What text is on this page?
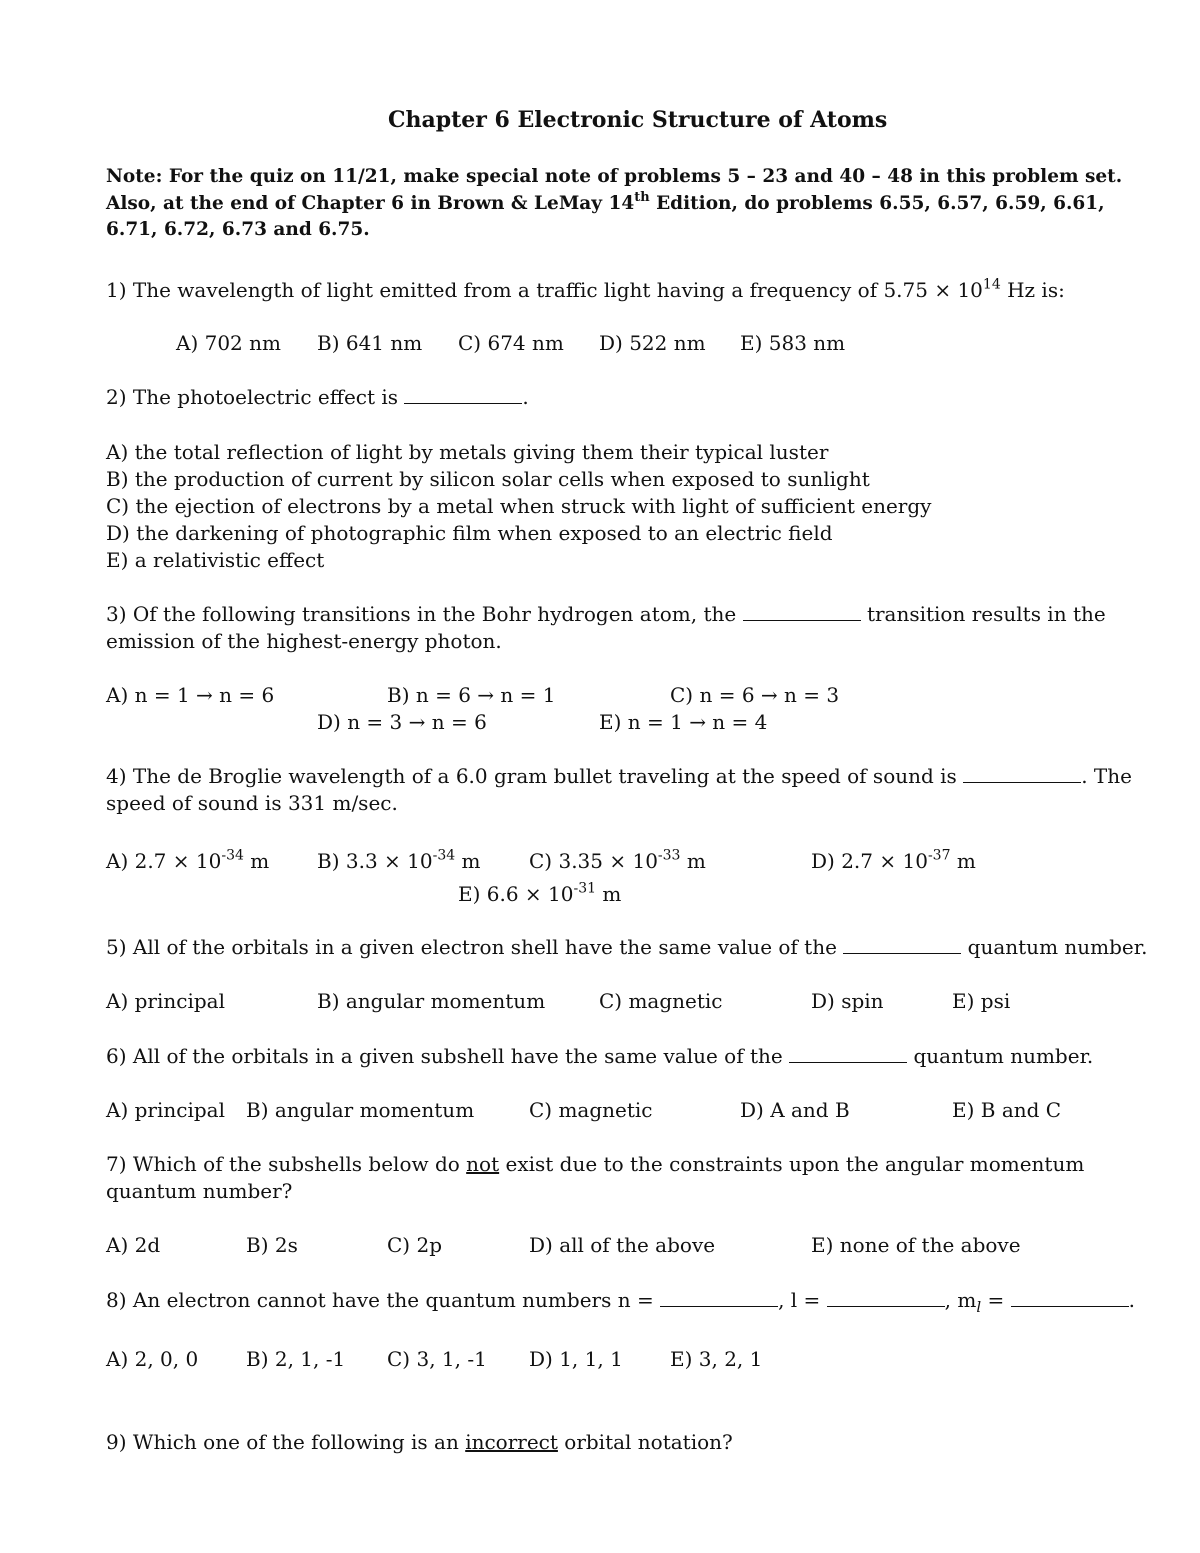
Chapter 6 Electronic Structure of Atoms
Note: For the quiz on 11/21, make special note of problems 5 – 23 and 40 – 48 in this problem set.
Also, at the end of Chapter 6 in Brown & LeMay 14th Edition, do problems 6.55, 6.57, 6.59, 6.61,
6.71, 6.72, 6.73 and 6.75.
1) The wavelength of light emitted from a traffic light having a frequency of $5.75 \times 10^{14}$ Hz is:
A) 702 nm B) 641 nm C) 674 nm D) 522 nm E) 583 nm
2) The photoelectric effect is	.
A) the total reflection of light by metals giving them their typical luster
B) the production of current by silicon solar cells when exposed to sunlight
C) the ejection of electrons by a metal when struck with light of sufficient energy
D) the darkening of photographic film when exposed to an electric field
E) a relativistic effect
3) Of the following transitions in the Bohr hydrogen atom, the	transition results in the
emission of the highest-energy photon.
A) n = 1 → n = 6	B) n = 6 → n = 1	C) n = 6 → n = 3
D) n = 3 → n = 6	E) n = 1 → n = 4
4) The de Broglie wavelength of a 6.0 gram bullet traveling at the speed of sound is	. The
speed of sound is 331 m/sec.
A) $2.7 \times 10^{-34}$ m B) $3.3 \times 10^{-34}$ m C) $3.35 \times 10^{-33}$ m	D) $2.7 \times 10^{-37}$ m
E) $6.6 \times 10^{-31}$ m
5) All of the orbitals in a given electron shell have the same value of the	quantum number.
A) principal	B) angular momentum	C) magnetic	D) spin	E) psi
6) All of the orbitals in a given subshell have the same value of the	quantum number.
A) principal B) angular momentum	C) magnetic	D) A and B	E) B and C
7) Which of the subshells below do not exist due to the constraints upon the angular momentum
quantum number?
A) 2d	B) 2s	C) 2p	D) all of the above	E) none of the above
8) An electron cannot have the quantum numbers n =	, l =	, $m_l$ =	.
A) 2, 0, 0 B) 2, 1, -1 C) 3, 1, -1 D) 1, 1, 1 E) 3, 2, 1
9) Which one of the following is an incorrect orbital notation?
